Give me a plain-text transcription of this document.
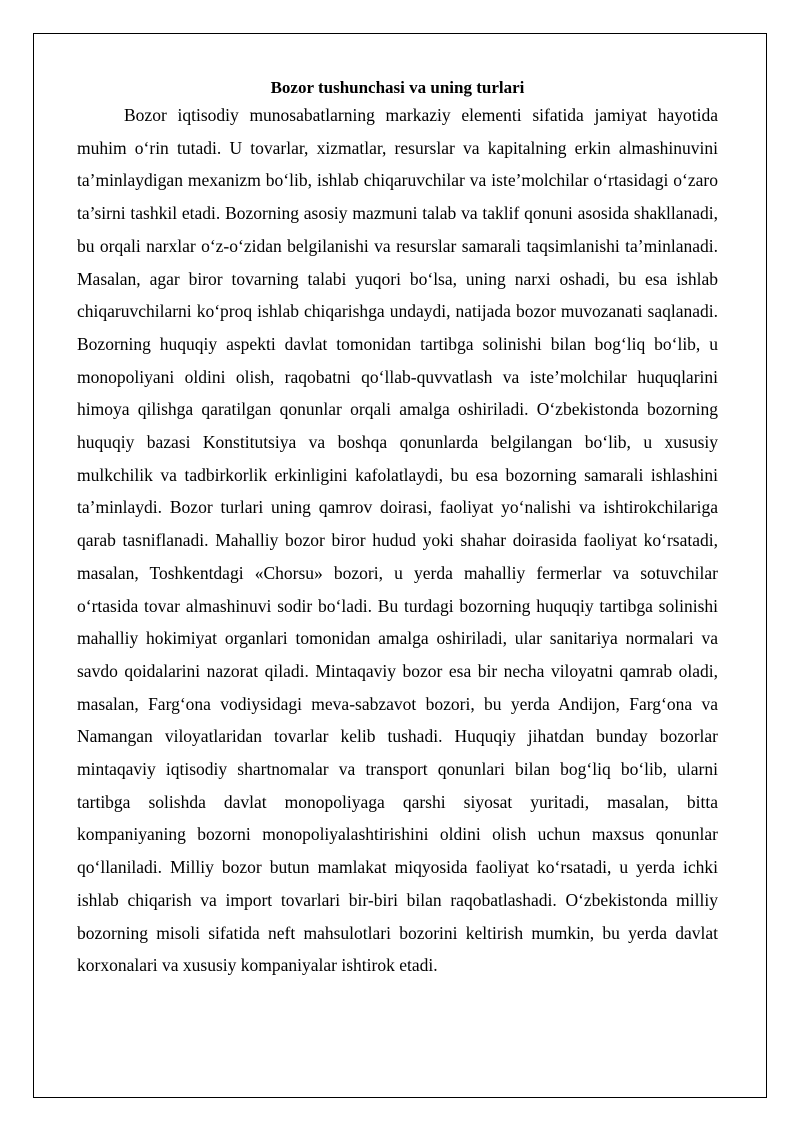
Bozor tushunchasi va uning turlari

Bozor iqtisodiy munosabatlarning markaziy elementi sifatida jamiyat hayotida muhim o‘rin tutadi. U tovarlar, xizmatlar, resurslar va kapitalning erkin almashinuvini ta’minlaydigan mexanizm bo‘lib, ishlab chiqaruvchilar va iste’molchilar o‘rtasidagi o‘zaro ta’sirni tashkil etadi. Bozorning asosiy mazmuni talab va taklif qonuni asosida shakllanadi, bu orqali narxlar o‘z-o‘zidan belgilanishi va resurslar samarali taqsimlanishi ta’minlanadi. Masalan, agar biror tovarning talabi yuqori bo‘lsa, uning narxi oshadi, bu esa ishlab chiqaruvchilarni ko‘proq ishlab chiqarishga undaydi, natijada bozor muvozanati saqlanadi. Bozorning huquqiy aspekti davlat tomonidan tartibga solinishi bilan bog‘liq bo‘lib, u monopoliyani oldini olish, raqobatni qo‘llab-quvvatlash va iste’molchilar huquqlarini himoya qilishga qaratilgan qonunlar orqali amalga oshiriladi. O‘zbekistonda bozorning huquqiy bazasi Konstitutsiya va boshqa qonunlarda belgilangan bo‘lib, u xususiy mulkchilik va tadbirkorlik erkinligini kafolatlaydi, bu esa bozorning samarali ishlashini ta’minlaydi. Bozor turlari uning qamrov doirasi, faoliyat yo‘nalishi va ishtirokchilariga qarab tasniflanadi. Mahalliy bozor biror hudud yoki shahar doirasida faoliyat ko‘rsatadi, masalan, Toshkentdagi «Chorsu» bozori, u yerda mahalliy fermerlar va sotuvchilar o‘rtasida tovar almashinuvi sodir bo‘ladi. Bu turdagi bozorning huquqiy tartibga solinishi mahalliy hokimiyat organlari tomonidan amalga oshiriladi, ular sanitariya normalari va savdo qoidalarini nazorat qiladi. Mintaqaviy bozor esa bir necha viloyatni qamrab oladi, masalan, Farg‘ona vodiysidagi meva-sabzavot bozori, bu yerda Andijon, Farg‘ona va Namangan viloyatlaridan tovarlar kelib tushadi. Huquqiy jihatdan bunday bozorlar mintaqaviy iqtisodiy shartnomalar va transport qonunlari bilan bog‘liq bo‘lib, ularni tartibga solishda davlat monopoliyaga qarshi siyosat yuritadi, masalan, bitta kompaniyaning bozorni monopoliyalashtirishini oldini olish uchun maxsus qonunlar qo‘llaniladi. Milliy bozor butun mamlakat miqyosida faoliyat ko‘rsatadi, u yerda ichki ishlab chiqarish va import tovarlari bir-biri bilan raqobatlashadi. O‘zbekistonda milliy bozorning misoli sifatida neft mahsulotlari bozorini keltirish mumkin, bu yerda davlat korxonalari va xususiy kompaniyalar ishtirok etadi.
